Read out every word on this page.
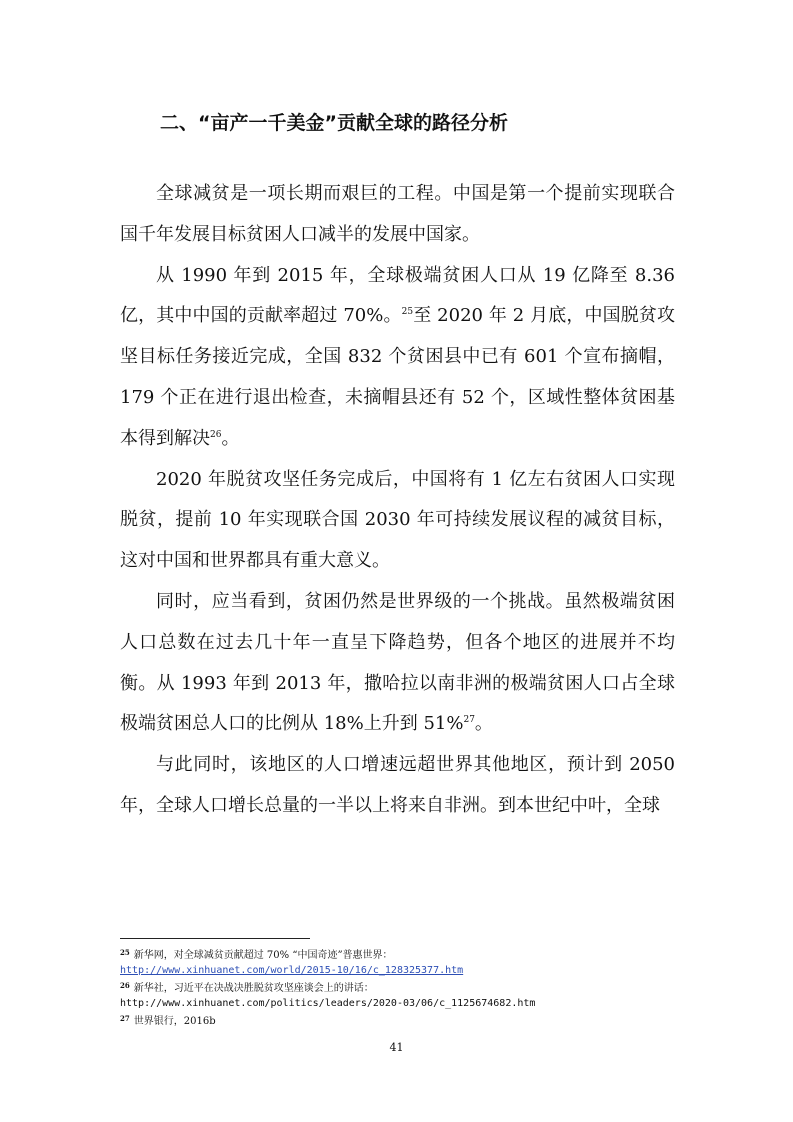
二、“亩产一千美金”贡献全球的路径分析

全球减贫是一项长期而艰巨的工程。中国是第一个提前实现联合国千年发展目标贫困人口减半的发展中国家。

从 1990 年到 2015 年，全球极端贫困人口从 19 亿降至 8.36 亿，其中中国的贡献率超过 70%。$^{25}$至 2020 年 2 月底，中国脱贫攻坚目标任务接近完成，全国 832 个贫困县中已有 601 个宣布摘帽，179 个正在进行退出检查，未摘帽县还有 52 个，区域性整体贫困基本得到解决$^{26}$。

2020 年脱贫攻坚任务完成后，中国将有 1 亿左右贫困人口实现脱贫，提前 10 年实现联合国 2030 年可持续发展议程的减贫目标，这对中国和世界都具有重大意义。

同时，应当看到，贫困仍然是世界级的一个挑战。虽然极端贫困人口总数在过去几十年一直呈下降趋势，但各个地区的进展并不均衡。从 1993 年到 2013 年，撒哈拉以南非洲的极端贫困人口占全球极端贫困总人口的比例从 18%上升到 51%$^{27}$。

与此同时，该地区的人口增速远超世界其他地区，预计到 2050 年，全球人口增长总量的一半以上将来自非洲。到本世纪中叶，全球

$^{25}$ 新华网，对全球减贫贡献超过 70% “中国奇迹”普惠世界：

http://www.xinhuanet.com/world/2015-10/16/c_128325377.htm

$^{26}$ 新华社，习近平在决战决胜脱贫攻坚座谈会上的讲话：

http://www.xinhuanet.com/politics/leaders/2020-03/06/c_1125674682.htm

$^{27}$ 世界银行，2016b

41
